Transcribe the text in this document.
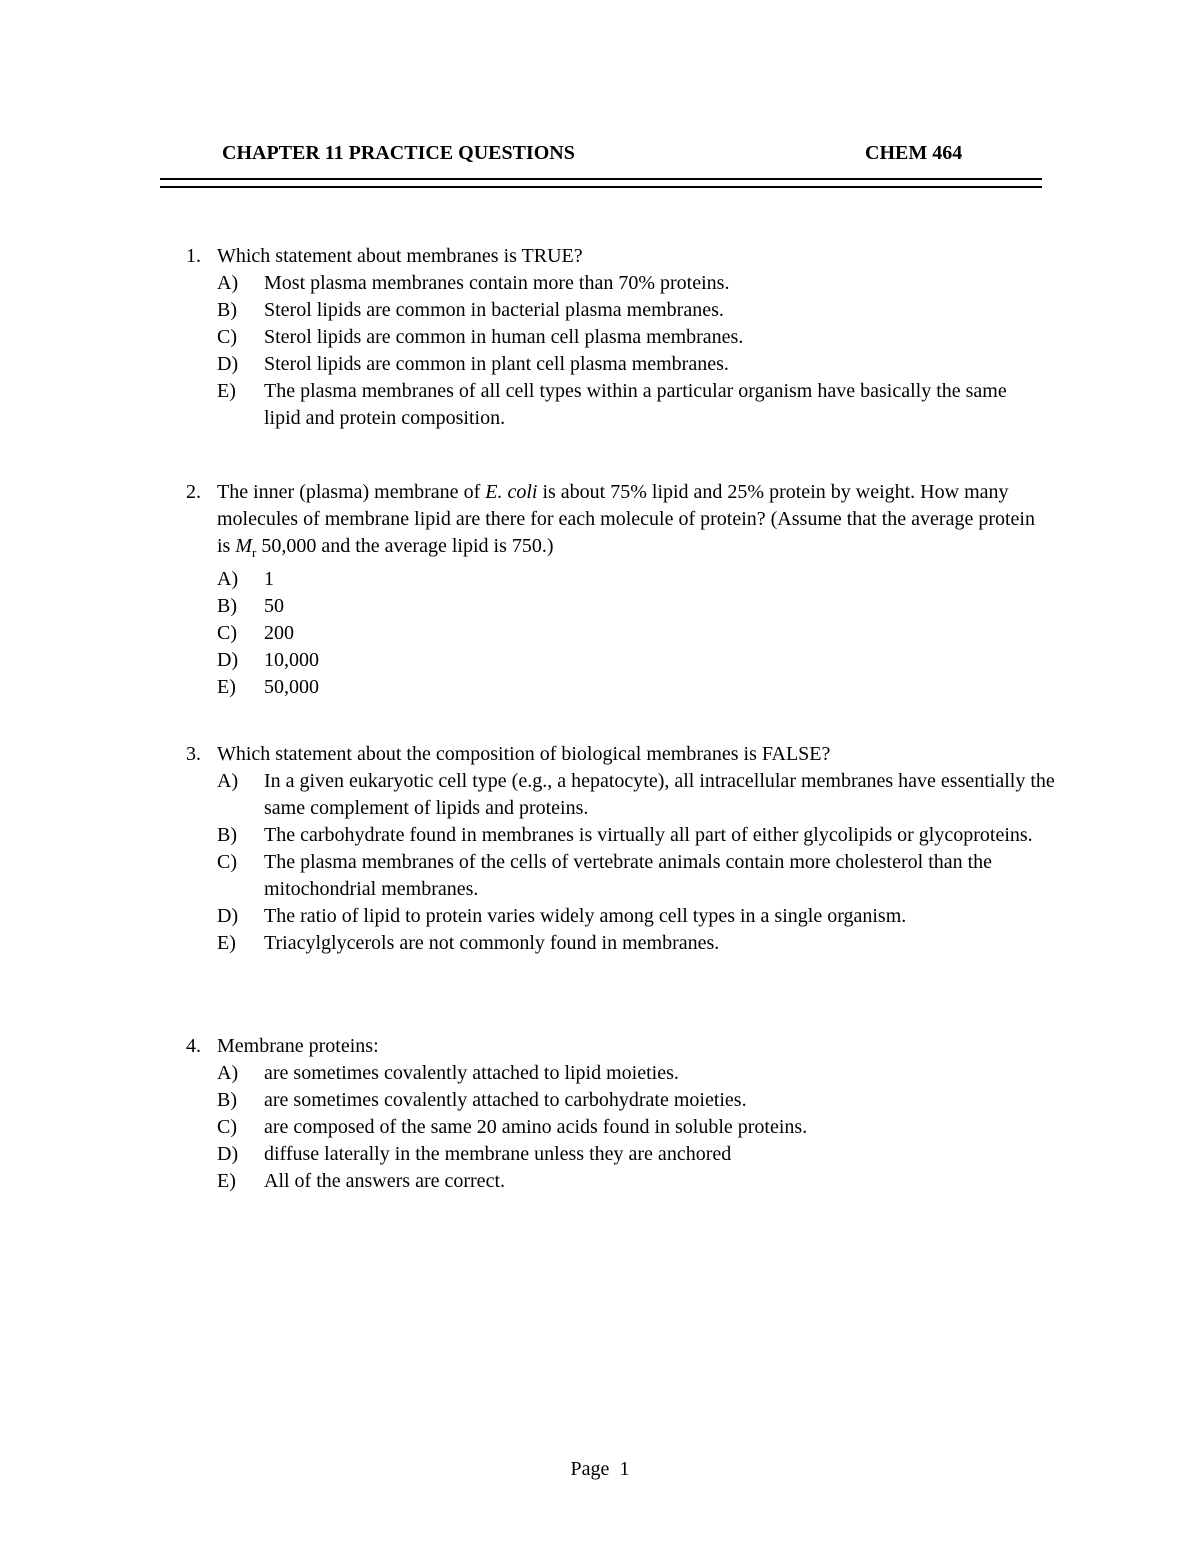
CHAPTER 11 PRACTICE QUESTIONS	CHEM 464
1. Which statement about membranes is TRUE?
A) Most plasma membranes contain more than 70% proteins.
B) Sterol lipids are common in bacterial plasma membranes.
C) Sterol lipids are common in human cell plasma membranes.
D) Sterol lipids are common in plant cell plasma membranes.
E) The plasma membranes of all cell types within a particular organism have basically the same lipid and protein composition.
2. The inner (plasma) membrane of E. coli is about 75% lipid and 25% protein by weight. How many molecules of membrane lipid are there for each molecule of protein? (Assume that the average protein is $M_r$ 50,000 and the average lipid is 750.)
A) 1
B) 50
C) 200
D) 10,000
E) 50,000
3. Which statement about the composition of biological membranes is FALSE?
A) In a given eukaryotic cell type (e.g., a hepatocyte), all intracellular membranes have essentially the same complement of lipids and proteins.
B) The carbohydrate found in membranes is virtually all part of either glycolipids or glycoproteins.
C) The plasma membranes of the cells of vertebrate animals contain more cholesterol than the mitochondrial membranes.
D) The ratio of lipid to protein varies widely among cell types in a single organism.
E) Triacylglycerols are not commonly found in membranes.
4. Membrane proteins:
A) are sometimes covalently attached to lipid moieties.
B) are sometimes covalently attached to carbohydrate moieties.
C) are composed of the same 20 amino acids found in soluble proteins.
D) diffuse laterally in the membrane unless they are anchored
E) All of the answers are correct.
Page 1
